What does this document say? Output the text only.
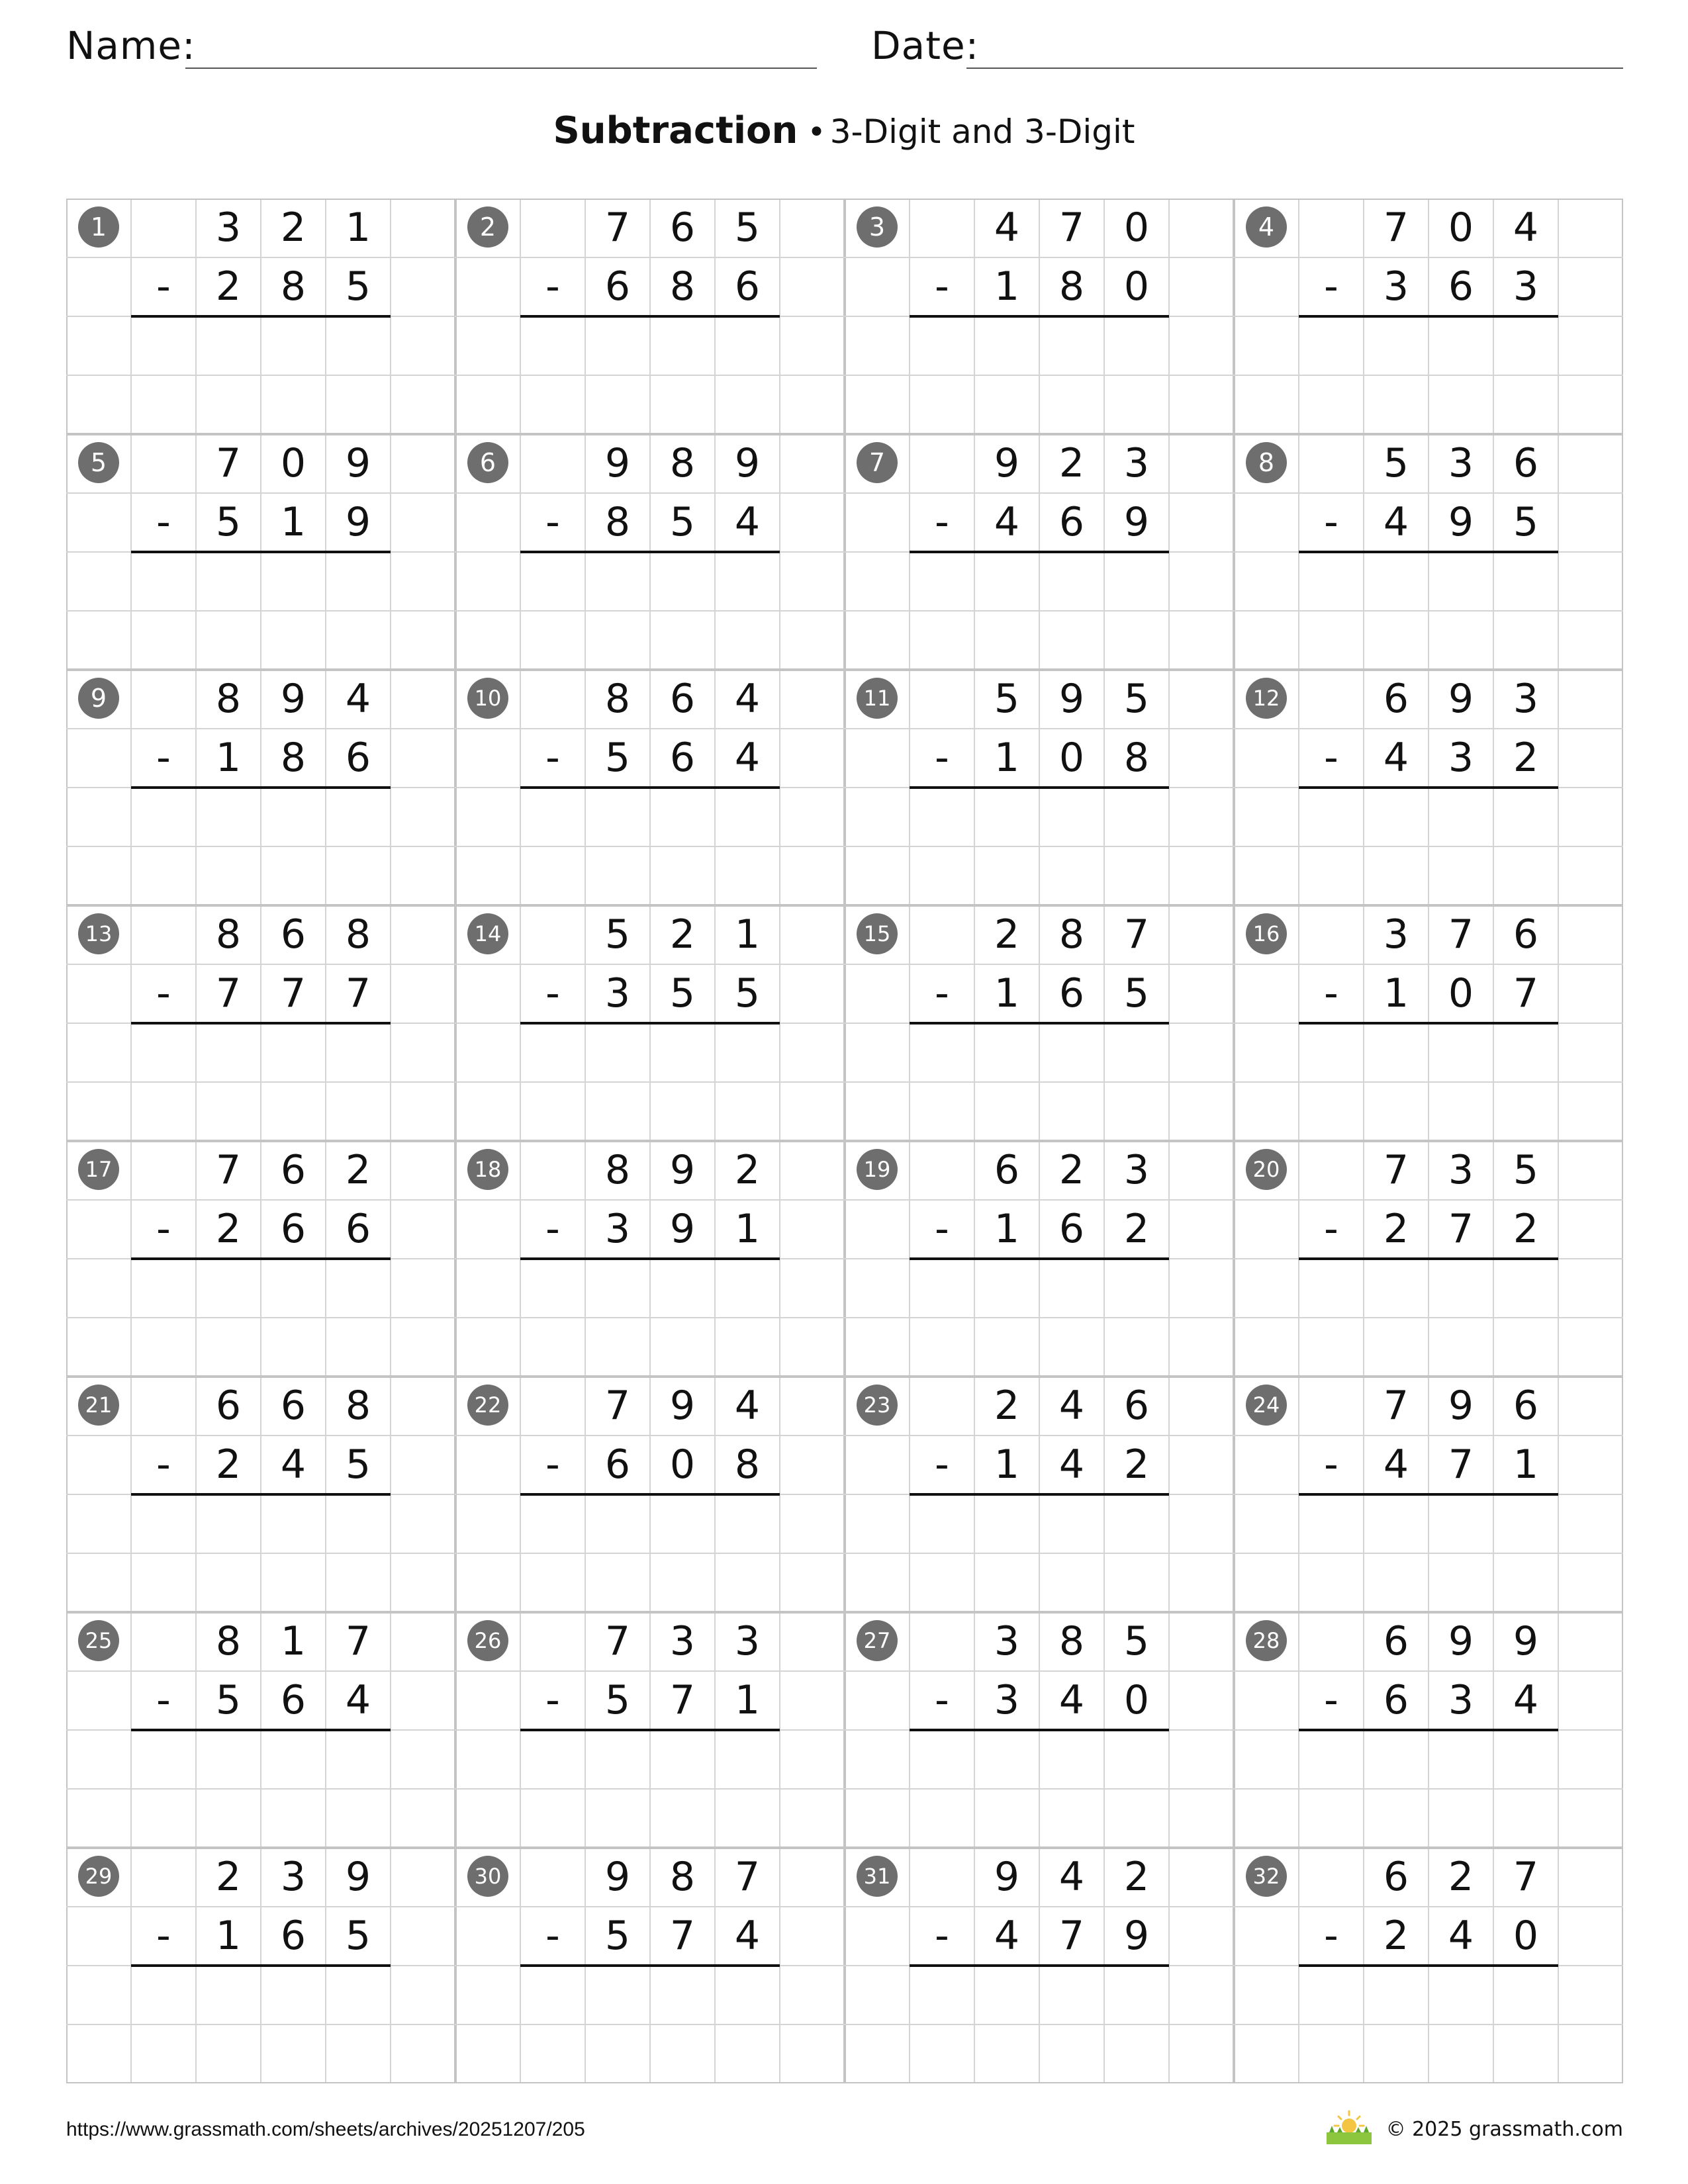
Name:	Date:
Subtraction • 3-Digit and 3-Digit
1	3 2 1
-	2 8 5
2	7 6 5
-	6 8 6
3	4 7 0
-	1 8 0
4	7 0 4
-	3 6 3
5	7 0 9
-	5 1 9
6	9 8 9
-	8 5 4
7	9 2 3
-	4 6 9
8	5 3 6
-	4 9 5
9	8 9 4
-	1 8 6
10	8 6 4
-	5 6 4
11	5 9 5
-	1 0 8
12	6 9 3
-	4 3 2
13	8 6 8
-	7 7 7
14	5 2 1
-	3 5 5
15	2 8 7
-	1 6 5
16	3 7 6
-	1 0 7
17	7 6 2
-	2 6 6
18	8 9 2
-	3 9 1
19	6 2 3
-	1 6 2
20	7 3 5
-	2 7 2
21	6 6 8
-	2 4 5
22	7 9 4
-	6 0 8
23	2 4 6
-	1 4 2
24	7 9 6
-	4 7 1
25	8 1 7
-	5 6 4
26	7 3 3
-	5 7 1
27	3 8 5
-	3 4 0
28	6 9 9
-	6 3 4
29	2 3 9
-	1 6 5
30	9 8 7
-	5 7 4
31	9 4 2
-	4 7 9
32	6 2 7
-	2 4 0
https://www.grassmath.com/sheets/archives/20251207/205	© 2025 grassmath.com
